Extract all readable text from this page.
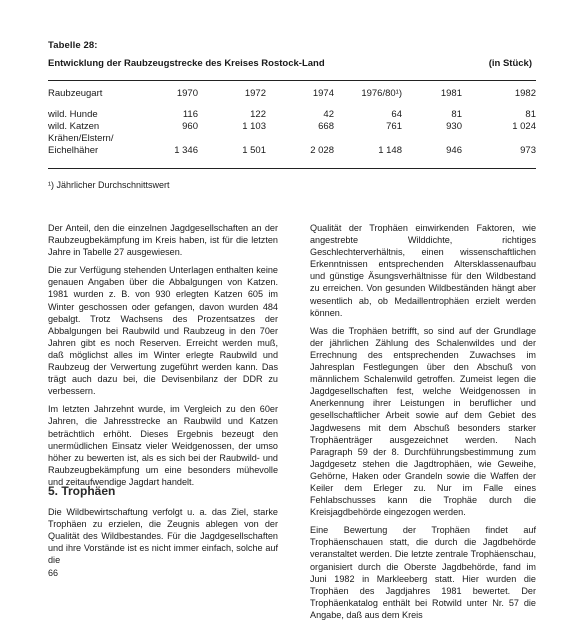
Tabelle 28:
Entwicklung der Raubzeugstrecke des Kreises Rostock-Land	(in Stück)
Raubzeugart	1970	1972	1974	1976/80¹)	1981	1982
wild. Hunde	116	122	42	64	81	81
wild. Katzen	960	1 103	668	761	930	1 024
Krähen/Elstern/						
Eichelhäher	1 346	1 501	2 028	1 148	946	973
¹) Jährlicher Durchschnittswert

Der Anteil, den die einzelnen Jagdgesellschaften an der Raubzeugbekämpfung im Kreis haben, ist für die letzten Jahre in Tabelle 27 ausgewiesen.

Die zur Verfügung stehenden Unterlagen enthalten keine genauen Angaben über die Abbalgungen von Katzen. 1981 wurden z. B. von 930 erlegten Katzen 605 im Winter geschossen oder gefangen, davon wurden 484 gebalgt. Trotz Wachsens des Prozentsatzes der Abbalgungen bei Raubwild und Raubzeug in den 70er Jahren gibt es noch Reserven. Erreicht werden muß, daß möglichst alles im Winter erlegte Raubwild und Raubzeug der Verwertung zugeführt werden kann. Das trägt auch dazu bei, die Devisenbilanz der DDR zu verbessern.

Im letzten Jahrzehnt wurde, im Vergleich zu den 60er Jahren, die Jahresstrecke an Raubwild und Katzen beträchtlich erhöht. Dieses Ergebnis bezeugt den unermüdlichen Einsatz vieler Weidgenossen, der umso höher zu bewerten ist, als es sich bei der Raubwild- und Raubzeugbekämpfung um eine besonders mühevolle und zeitaufwendige Jagdart handelt.

5. Trophäen

Die Wildbewirtschaftung verfolgt u. a. das Ziel, starke Trophäen zu erzielen, die Zeugnis ablegen von der Qualität des Wildbestandes. Für die Jagdgesellschaften und ihre Vorstände ist es nicht immer einfach, solche auf die

Qualität der Trophäen einwirkenden Faktoren, wie angestrebte Wilddichte, richtiges Geschlechterverhältnis, einen wissenschaftlichen Erkenntnissen entsprechenden Altersklassenaufbau und günstige Äsungsverhältnisse für den Wildbestand zu erreichen. Von gesunden Wildbeständen hängt aber wesentlich ab, ob Medaillentrophäen erzielt werden können.

Was die Trophäen betrifft, so sind auf der Grundlage der jährlichen Zählung des Schalenwildes und der Errechnung des entsprechenden Zuwachses im Jahresplan Festlegungen über den Abschuß von männlichem Schalenwild getroffen. Zumeist legen die Jagdgesellschaften fest, welche Weidgenossen in Anerkennung ihrer Leistungen in beruflicher und gesellschaftlicher Arbeit sowie auf dem Gebiet des Jagdwesens mit dem Abschuß besonders starker Trophäenträger ausgezeichnet werden. Nach Paragraph 59 der 8. Durchführungsbestimmung zum Jagdgesetz stehen die Jagdtrophäen, wie Geweihe, Gehörne, Haken oder Grandeln sowie die Waffen der Keiler dem Erleger zu. Nur im Falle eines Fehlabschusses kann die Trophäe durch die Kreisjagdbehörde eingezogen werden.

Eine Bewertung der Trophäen findet auf Trophäenschauen statt, die durch die Jagdbehörde veranstaltet werden. Die letzte zentrale Trophäenschau, organisiert durch die Oberste Jagdbehörde, fand im Juni 1982 in Markleeberg statt. Hier wurden die Trophäen des Jagdjahres 1981 bewertet. Der Trophäenkatalog enthält bei Rotwild unter Nr. 57 die Angabe, daß aus dem Kreis

66
